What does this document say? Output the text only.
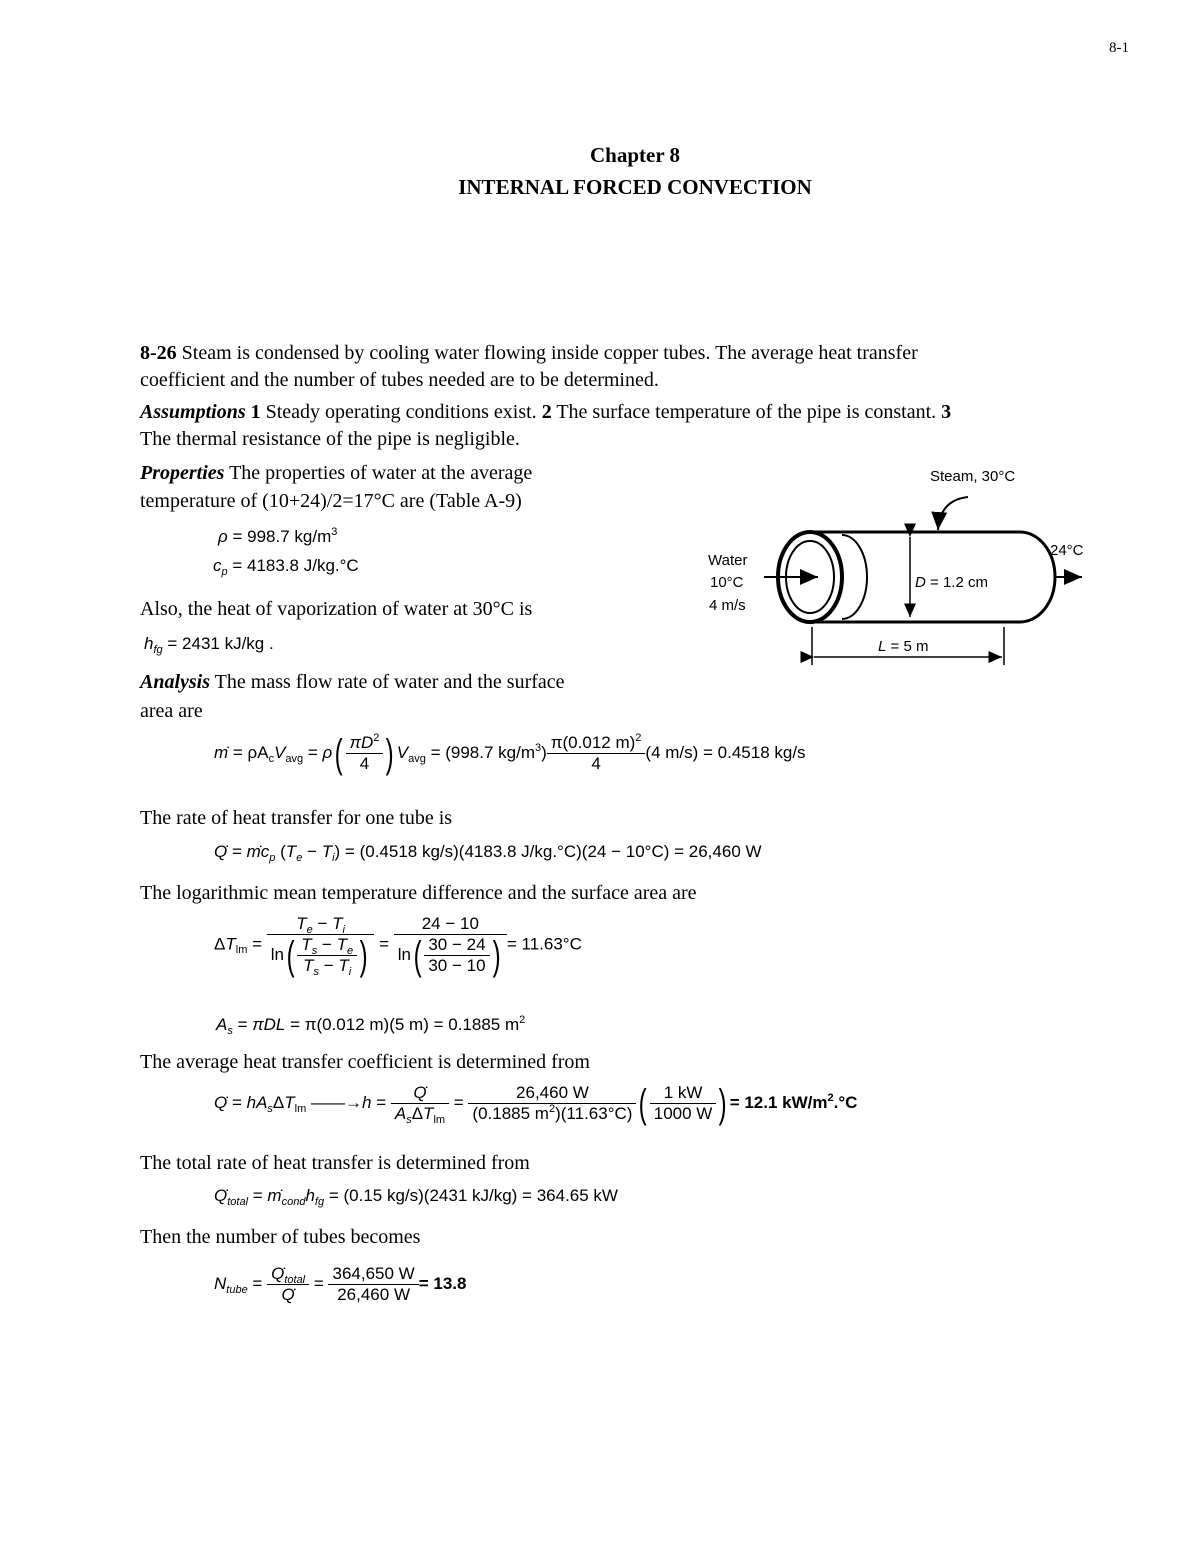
8-1
Chapter 8
INTERNAL FORCED CONVECTION
8-26 Steam is condensed by cooling water flowing inside copper tubes. The average heat transfer
coefficient and the number of tubes needed are to be determined.
Assumptions 1 Steady operating conditions exist. 2 The surface temperature of the pipe is constant. 3
The thermal resistance of the pipe is negligible.
Properties The properties of water at the average
temperature of (10+24)/2=17°C are (Table A-9)
ρ = 998.7 $kg/m^3$
$c_p = 4183.8$ J/kg.°C
Also, the heat of vaporization of water at 30°C is
$h_{fg} = 2431$ kJ/kg .
Steam, 30°C
Water
10°C
4 m/s
24°C
D = 1.2 cm
L = 5 m
Analysis The mass flow rate of water and the surface
area are
ṁ = $\rho A_cV_{avg} = \rho( \frac{\pi D^2}{4}$ ) $V_{avg} = (998.7$ $kg/m^3) \frac{\pi(0.012 m)^2}{4} (4$ m/s) = 0.4518 kg/s
The rate of heat transfer for one tube is
Q̇ = $mc_p$ $(T_e - T_i) = (0.4518$ kg/s)(4183.8 J/kg.°C)(24 − 10°C) = 26,460 W
The logarithmic mean temperature difference and the surface area are
$\Delta T_{lm} = \frac{T_e - T_i}{\ln( \frac{T_s - T_e}{T_s - T_i} )} = \frac{24 - 10}{\ln( \frac{30 - 24}{30 - 10} )} = 11.63^\circ C$
$A_s = \pi DL = \pi(0.012$ m)(5 m) = 0.1885 $m^2$
The average heat transfer coefficient is determined from
Q̇ = $hA_s\Delta T_{lm}$ ——→h = $\frac{Q}{A_s\Delta T_{lm}} = \frac{26,460 W}{(0.1885 m^2)(11.63^\circ C)}$ ( $\frac{1 kW}{1000 W}$ ) = 12.1 $kW/m^2.^\circ C$
The total rate of heat transfer is determined from
$Q_{total} = m_{cond}h_{fg} = (0.15$ kg/s)(2431 kJ/kg) = 364.65 kW
Then the number of tubes becomes
$N_{tube} = \frac{Q_{total}}{Q} = \frac{364,650 W}{26,460 W} = 13.8$
